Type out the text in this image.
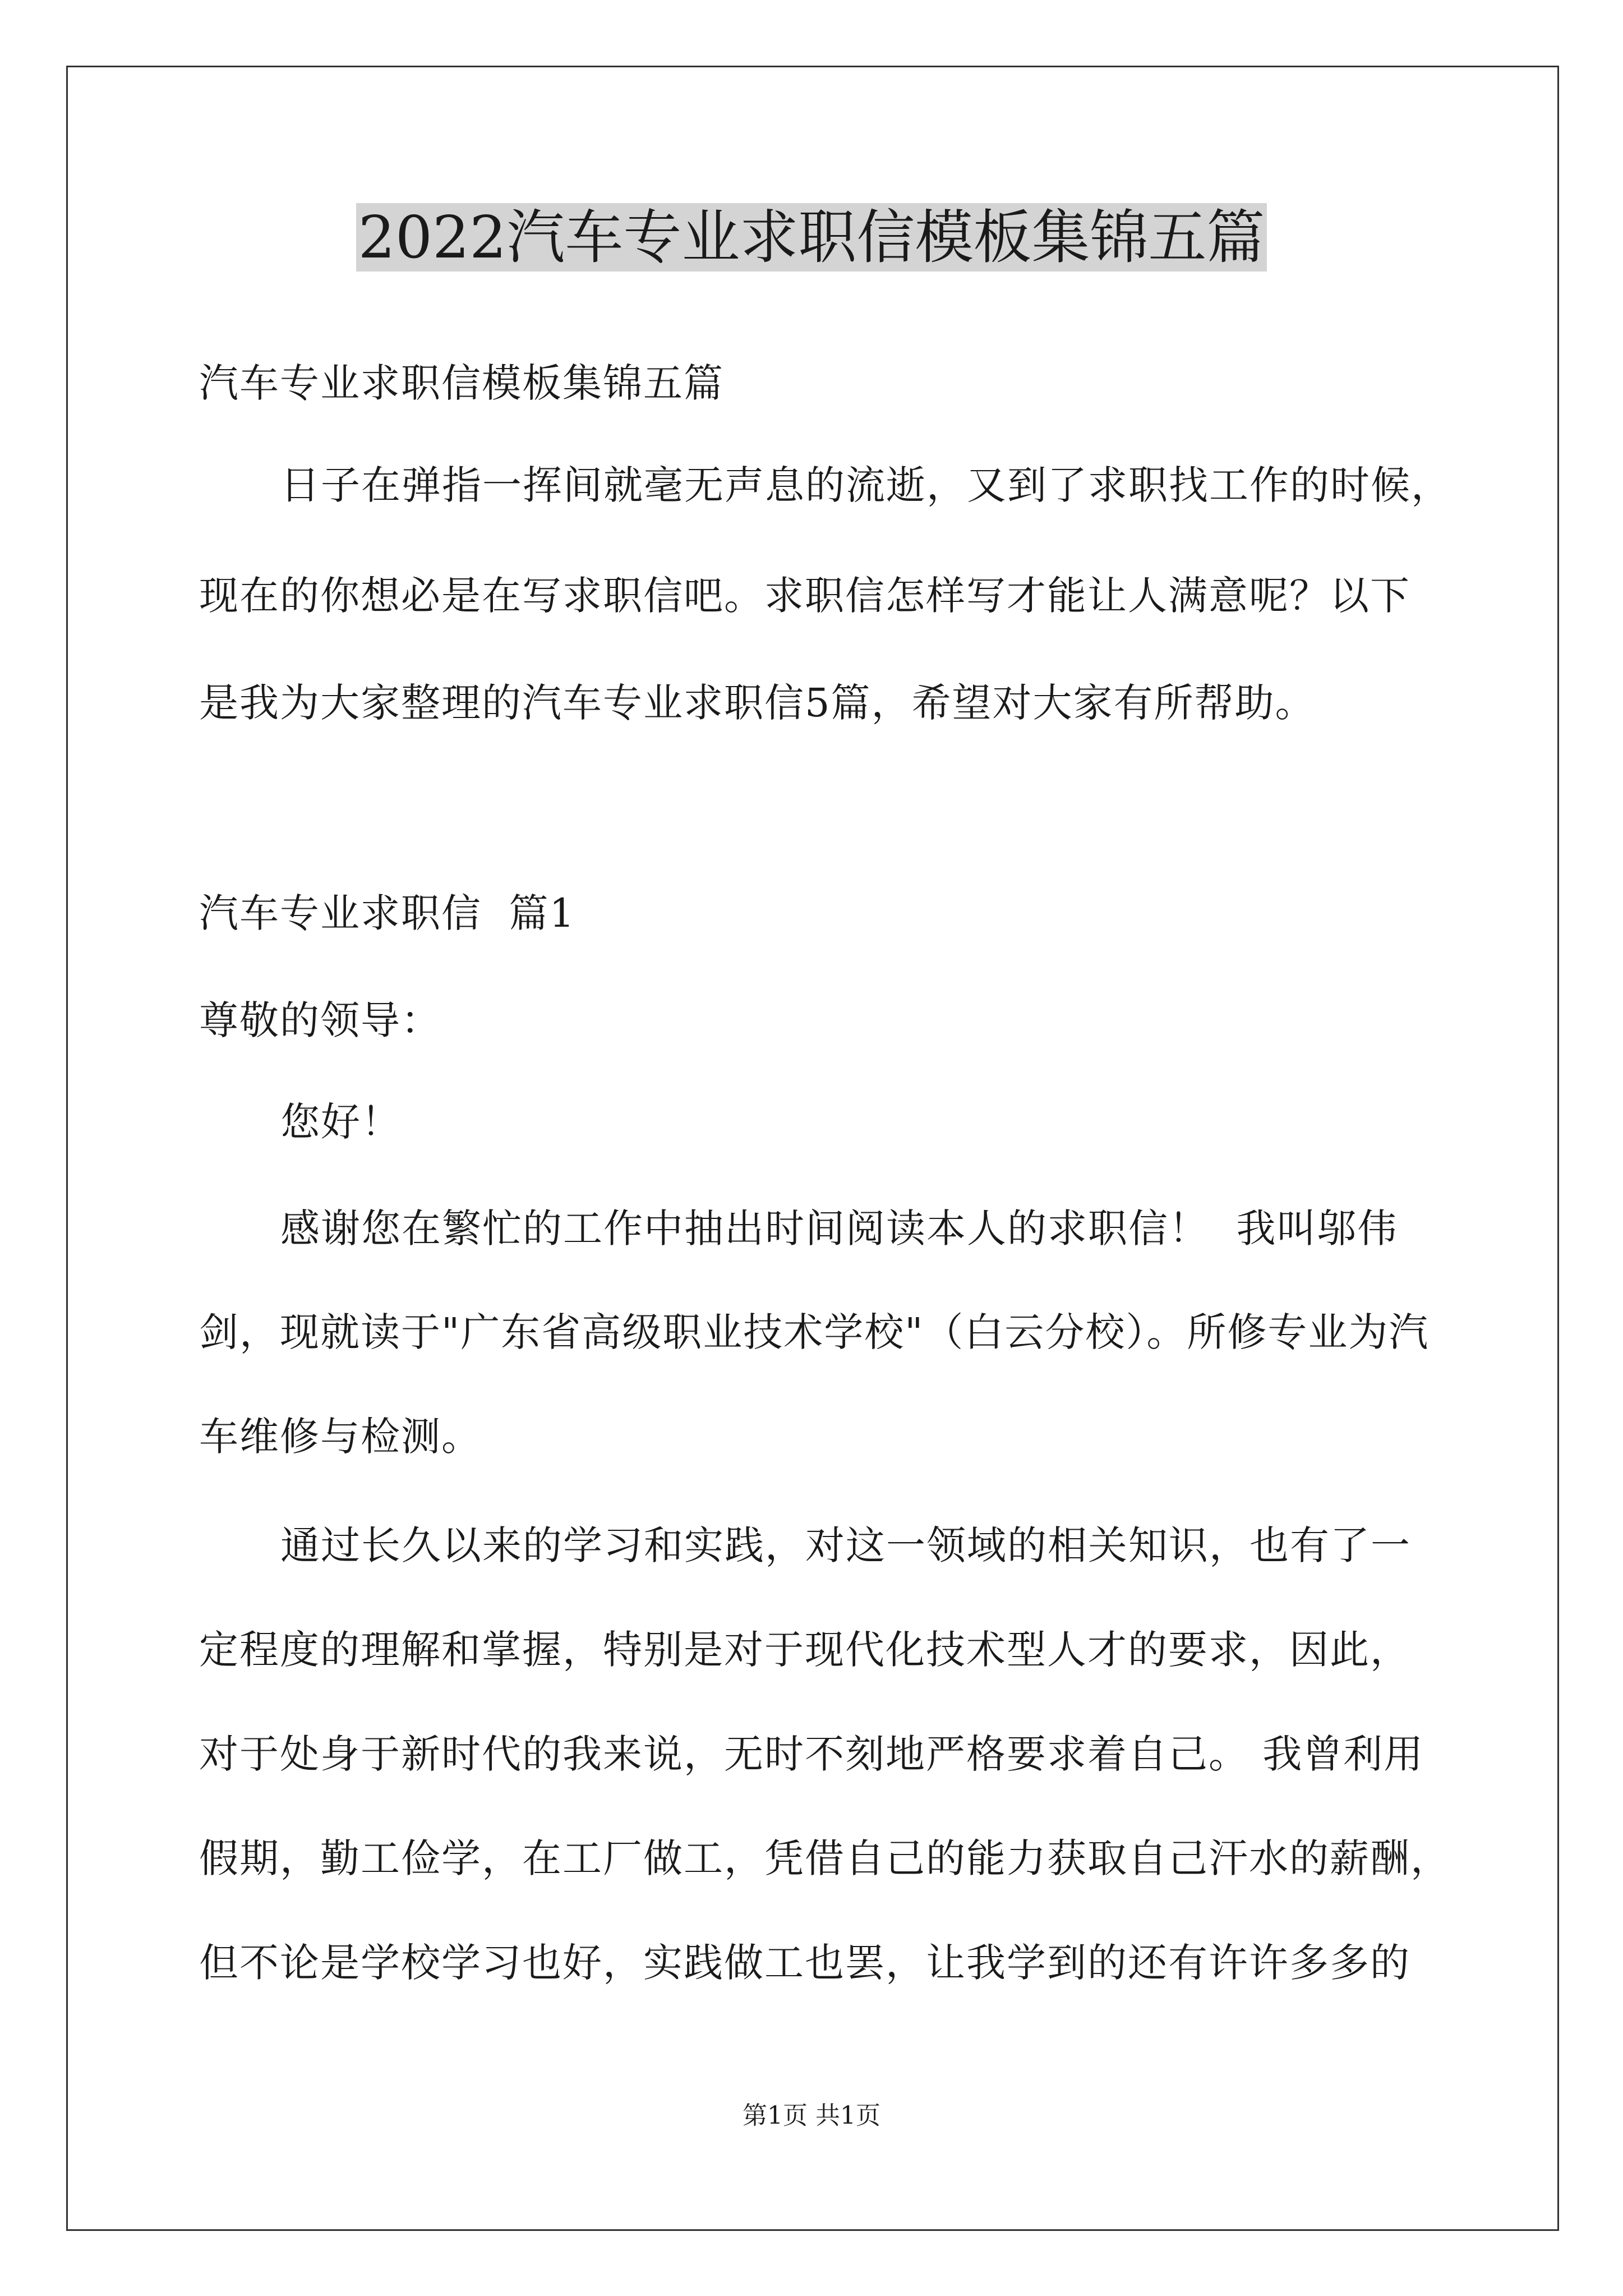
2022汽车专业求职信模板集锦五篇
汽车专业求职信模板集锦五篇
日子在弹指一挥间就毫无声息的流逝，又到了求职找工作的时候，
现在的你想必是在写求职信吧。求职信怎样写才能让人满意呢？以下
是我为大家整理的汽车专业求职信5篇，希望对大家有所帮助。
汽车专业求职信  篇1
尊敬的领导：
您好！
感谢您在繁忙的工作中抽出时间阅读本人的求职信！  我叫邬伟
剑，现就读于"广东省高级职业技术学校"（白云分校）。所修专业为汽
车维修与检测。
通过长久以来的学习和实践，对这一领域的相关知识，也有了一
定程度的理解和掌握，特别是对于现代化技术型人才的要求，因此，
对于处身于新时代的我来说，无时不刻地严格要求着自己。 我曾利用
假期，勤工俭学，在工厂做工，凭借自己的能力获取自己汗水的薪酬，
但不论是学校学习也好，实践做工也罢，让我学到的还有许许多多的
第1页 共1页
